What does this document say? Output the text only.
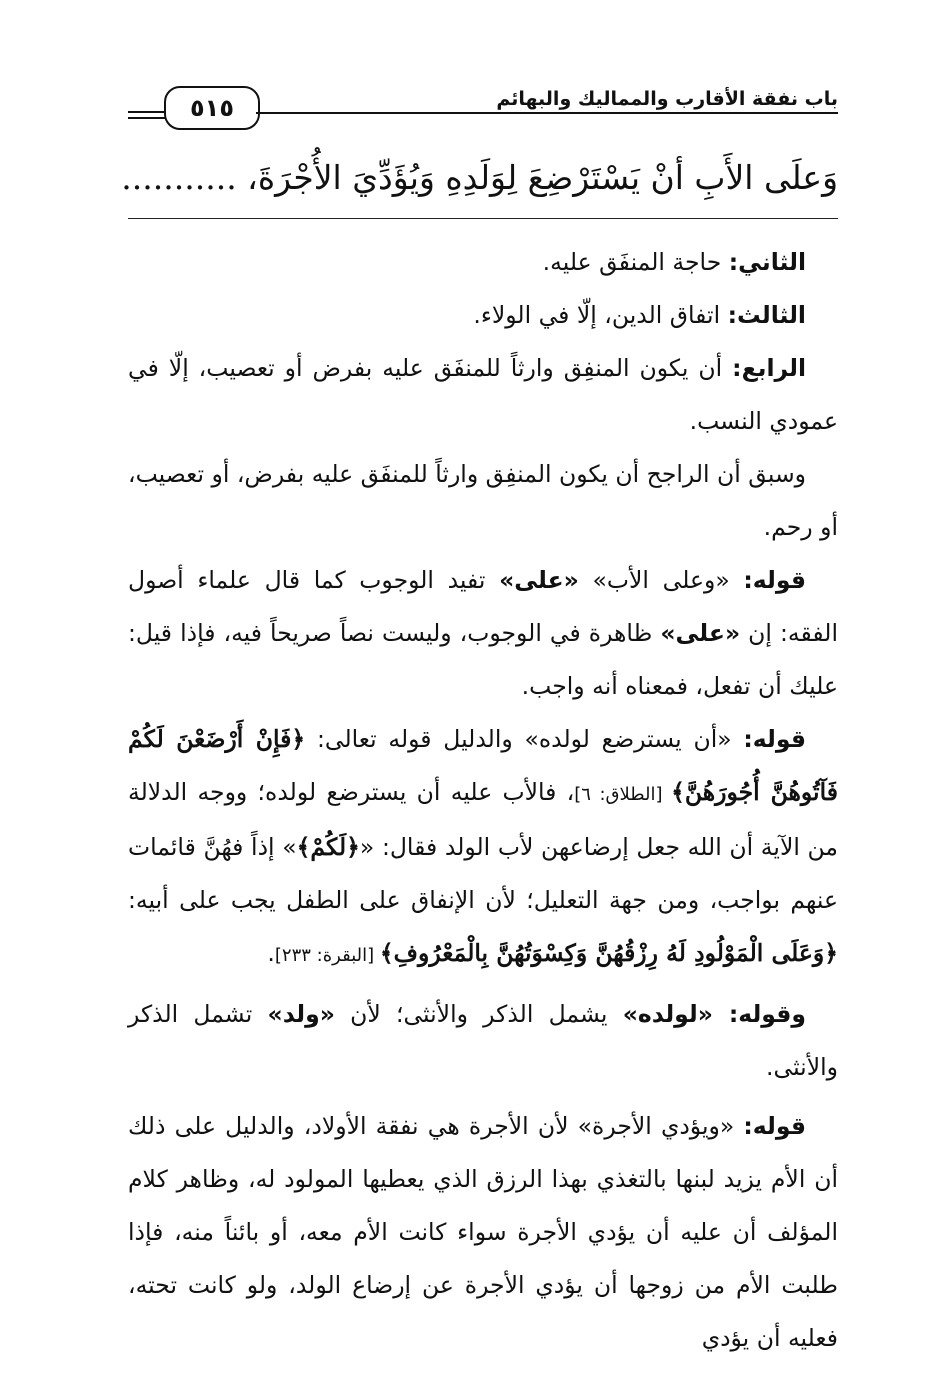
٥١٥	باب نفقة الأقارب والمماليك والبهائم
وَعلَى الأَبِ أنْ يَسْتَرْضِعَ لِوَلَدِهِ وَيُؤَدِّيَ الأُجْرَةَ، ...........

الثاني: حاجة المنفَق عليه.

الثالث: اتفاق الدين، إلّا في الولاء.

الرابع: أن يكون المنفِق وارثاً للمنفَق عليه بفرض أو تعصيب، إلّا في عمودي النسب.

وسبق أن الراجح أن يكون المنفِق وارثاً للمنفَق عليه بفرض، أو تعصيب، أو رحم.

قوله: «وعلى الأب» «على» تفيد الوجوب كما قال علماء أصول الفقه: إن «على» ظاهرة في الوجوب، وليست نصاً صريحاً فيه، فإذا قيل: عليك أن تفعل، فمعناه أنه واجب.

قوله: «أن يسترضع لولده» والدليل قوله تعالى: ﴿فَإِنْ أَرْضَعْنَ لَكُمْ فَآتُوهُنَّ أُجُورَهُنَّ﴾ [الطلاق: ٦]، فالأب عليه أن يسترضع لولده؛ ووجه الدلالة من الآية أن الله جعل إرضاعهن لأب الولد فقال: «﴿لَكُمْ﴾» إذاً فهُنَّ قائمات عنهم بواجب، ومن جهة التعليل؛ لأن الإنفاق على الطفل يجب على أبيه: ﴿وَعَلَى الْمَوْلُودِ لَهُ رِزْقُهُنَّ وَكِسْوَتُهُنَّ بِالْمَعْرُوفِ﴾ [البقرة: ٢٣٣].

وقوله: «لولده» يشمل الذكر والأنثى؛ لأن «ولد» تشمل الذكر والأنثى.

قوله: «ويؤدي الأجرة» لأن الأجرة هي نفقة الأولاد، والدليل على ذلك أن الأم يزيد لبنها بالتغذي بهذا الرزق الذي يعطيها المولود له، وظاهر كلام المؤلف أن عليه أن يؤدي الأجرة سواء كانت الأم معه، أو بائناً منه، فإذا طلبت الأم من زوجها أن يؤدي الأجرة عن إرضاع الولد، ولو كانت تحته، فعليه أن يؤدي
